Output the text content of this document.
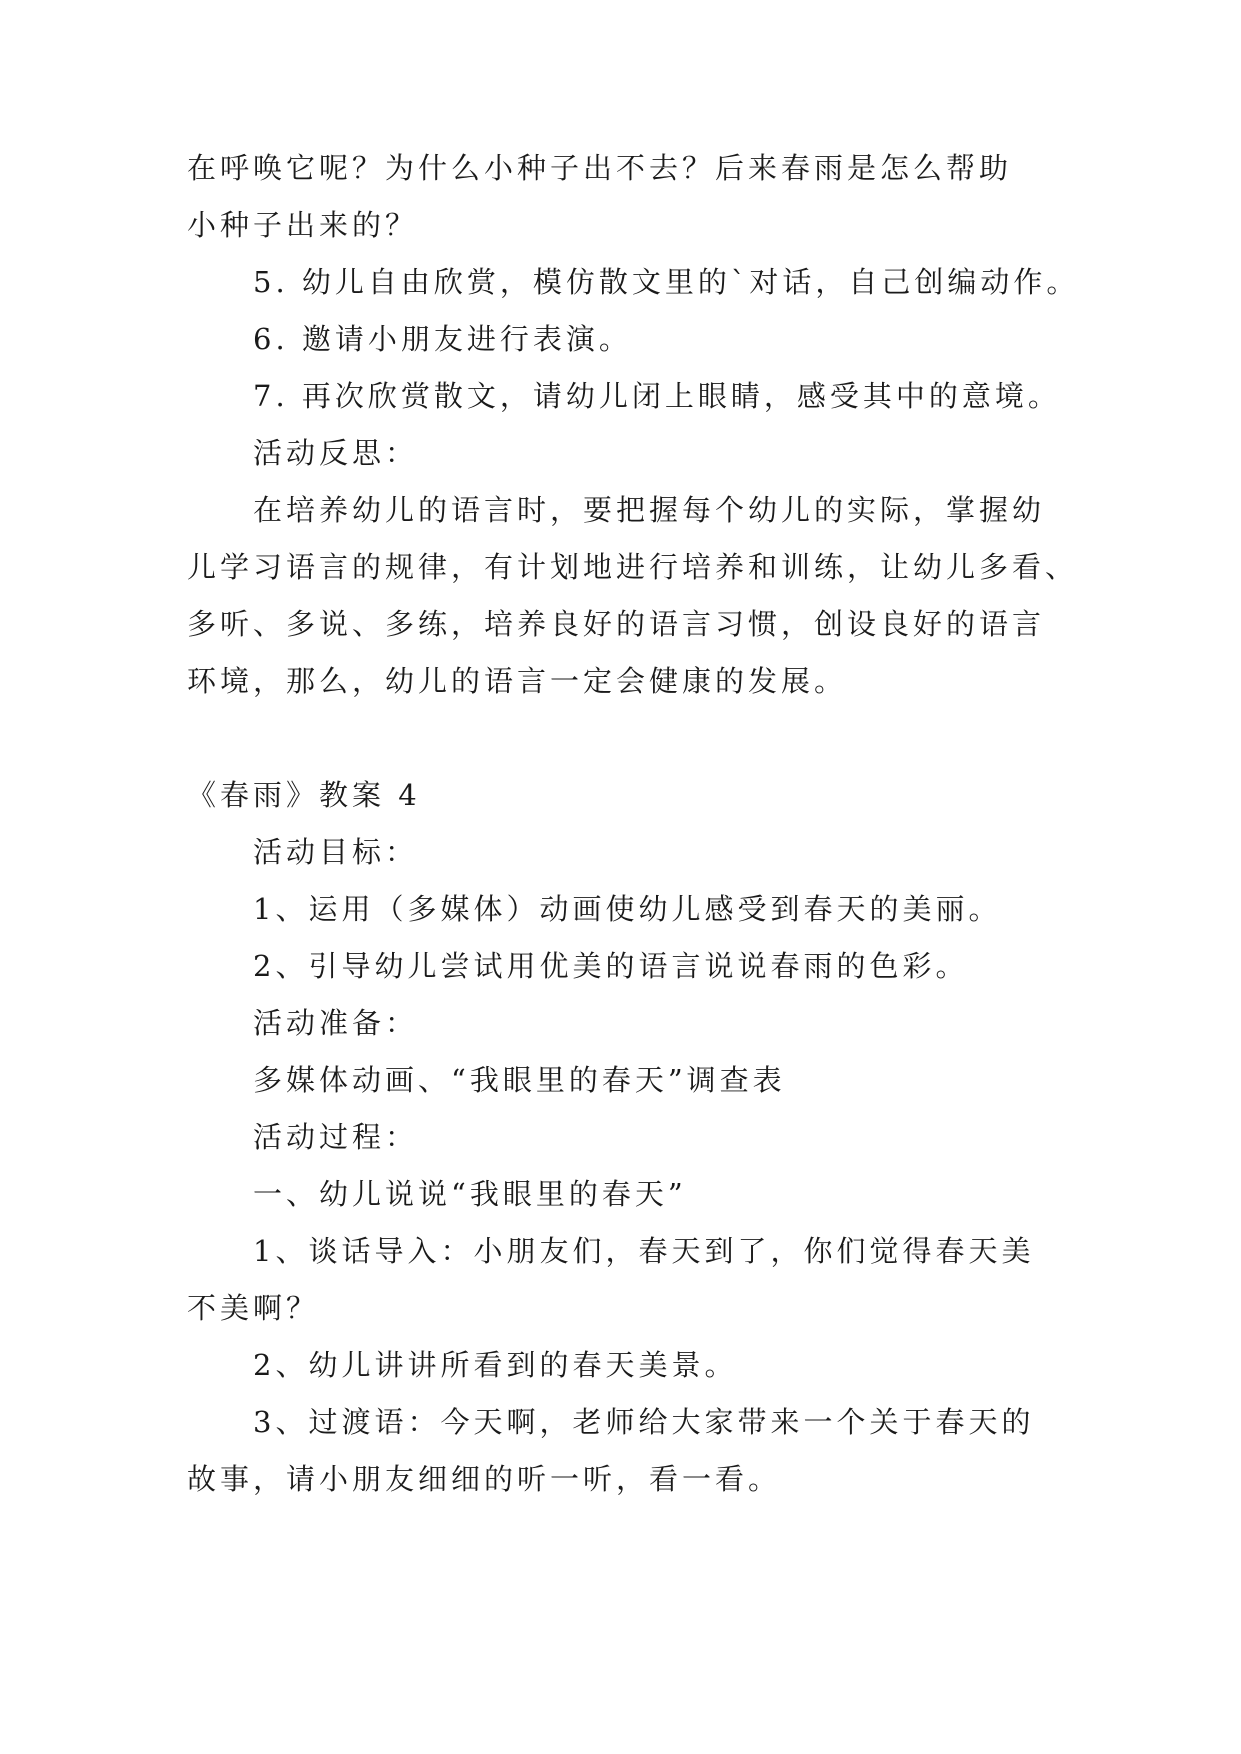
在呼唤它呢？为什么小种子出不去？后来春雨是怎么帮助
小种子出来的？
5. 幼儿自由欣赏，模仿散文里的`对话，自己创编动作。
6. 邀请小朋友进行表演。
7. 再次欣赏散文，请幼儿闭上眼睛，感受其中的意境。
活动反思：
在培养幼儿的语言时，要把握每个幼儿的实际，掌握幼
儿学习语言的规律，有计划地进行培养和训练，让幼儿多看、
多听、多说、多练，培养良好的语言习惯，创设良好的语言
环境，那么，幼儿的语言一定会健康的发展。
《春雨》教案 4
活动目标：
1、运用（多媒体）动画使幼儿感受到春天的美丽。
2、引导幼儿尝试用优美的语言说说春雨的色彩。
活动准备：
多媒体动画、“我眼里的春天”调查表
活动过程：
一、幼儿说说“我眼里的春天”
1、谈话导入：小朋友们，春天到了，你们觉得春天美
不美啊？
2、幼儿讲讲所看到的春天美景。
3、过渡语：今天啊，老师给大家带来一个关于春天的
故事，请小朋友细细的听一听，看一看。
